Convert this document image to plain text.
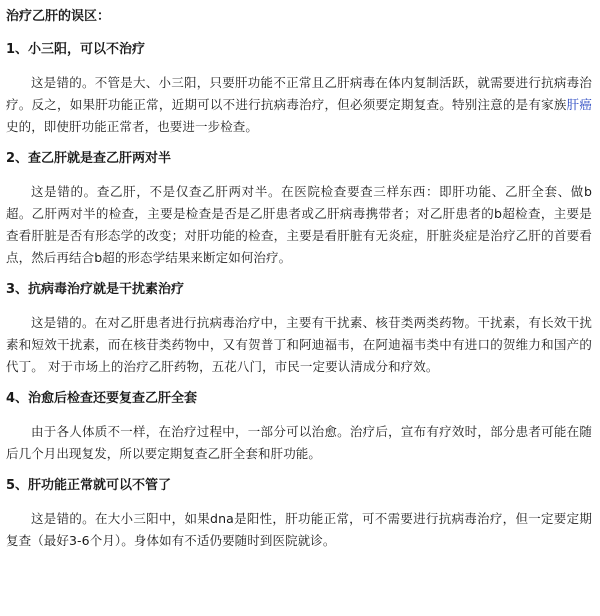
治疗乙肝的误区：
1、小三阳，可以不治疗

这是错的。不管是大、小三阳，只要肝功能不正常且乙肝病毒在体内复制活跃，就需要进行抗病毒治疗。反之，如果肝功能正常，近期可以不进行抗病毒治疗，但必须要定期复查。特别注意的是有家族肝癌史的，即使肝功能正常者，也要进一步检查。

2、查乙肝就是查乙肝两对半

这是错的。查乙肝，不是仅查乙肝两对半。在医院检查要查三样东西：即肝功能、乙肝全套、做b超。乙肝两对半的检查，主要是检查是否是乙肝患者或乙肝病毒携带者；对乙肝患者的b超检查，主要是查看肝脏是否有形态学的改变；对肝功能的检查，主要是看肝脏有无炎症，肝脏炎症是治疗乙肝的首要看点，然后再结合b超的形态学结果来断定如何治疗。

3、抗病毒治疗就是干扰素治疗

这是错的。在对乙肝患者进行抗病毒治疗中，主要有干扰素、核苷类两类药物。干扰素，有长效干扰素和短效干扰素，而在核苷类药物中，又有贺普丁和阿迪福韦，在阿迪福韦类中有进口的贺维力和国产的代丁。 对于市场上的治疗乙肝药物，五花八门，市民一定要认清成分和疗效。

4、治愈后检查还要复查乙肝全套

由于各人体质不一样，在治疗过程中，一部分可以治愈。治疗后，宣布有疗效时，部分患者可能在随后几个月出现复发，所以要定期复查乙肝全套和肝功能。

5、肝功能正常就可以不管了

这是错的。在大小三阳中，如果dna是阳性，肝功能正常，可不需要进行抗病毒治疗，但一定要定期复查（最好3-6个月）。身体如有不适仍要随时到医院就诊。
